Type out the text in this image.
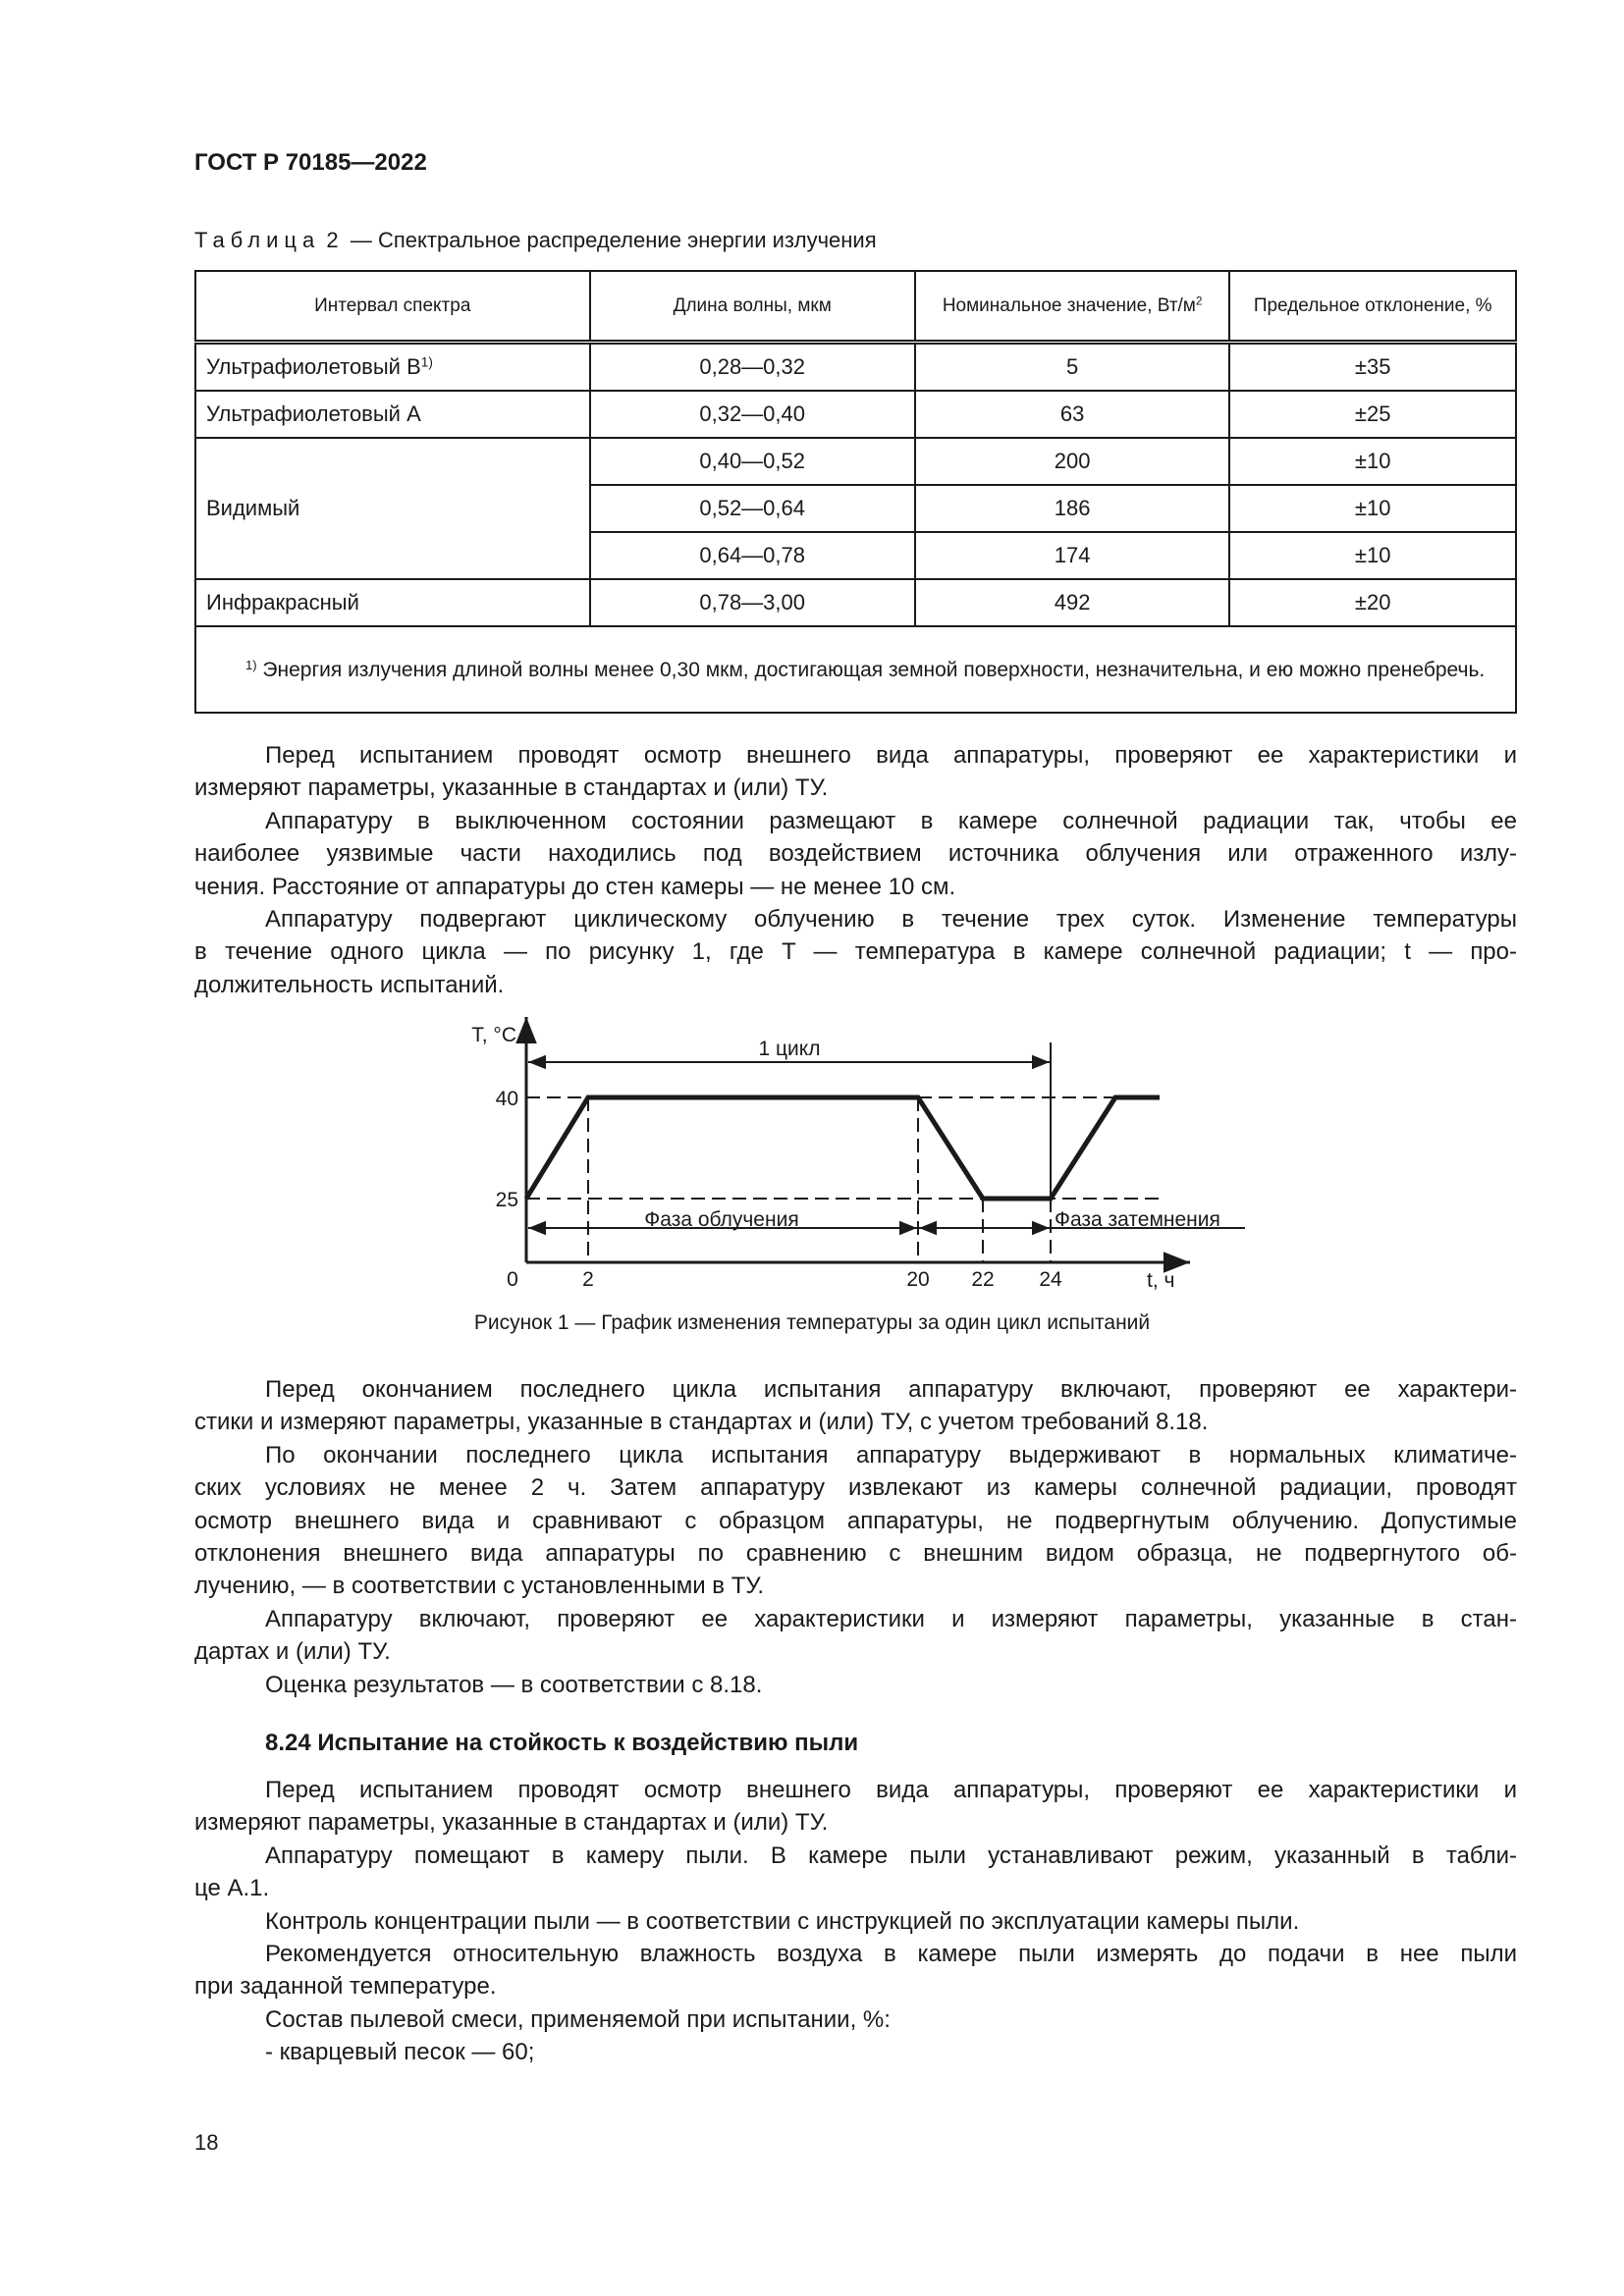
ГОСТ Р 70185—2022
Таблица 2 — Спектральное распределение энергии излучения
Интервал спектра	Длина волны, мкм	Номинальное значение, $Вт/м^2$	Предельное отклонение, %
Ультрафиолетовый $В^{1)}$	0,28—0,32	5	±35
Ультрафиолетовый А	0,32—0,40	63	±25
Видимый	0,40—0,52	200	±10
	0,52—0,64	186	±10
	0,64—0,78	174	±10
Инфракрасный	0,78—3,00	492	±20
$^{1)}$ Энергия излучения длиной волны менее 0,30 мкм, достигающая земной поверхности, незначительна, и ею можно пренебречь.			
Перед испытанием проводят осмотр внешнего вида аппаратуры, проверяют ее характеристики и
измеряют параметры, указанные в стандартах и (или) ТУ.
Аппаратуру в выключенном состоянии размещают в камере солнечной радиации так, чтобы ее
наиболее уязвимые части находились под воздействием источника облучения или отраженного излу-
чения. Расстояние от аппаратуры до стен камеры — не менее 10 см.
Аппаратуру подвергают циклическому облучению в течение трех суток. Изменение температуры
в течение одного цикла — по рисунку 1, где T — температура в камере солнечной радиации; t — про-
должительность испытаний.
T, °C
t, ч
0
25
40
2	20 22 24
1 цикл
Фаза облучения	Фаза затемнения
Рисунок 1 — График изменения температуры за один цикл испытаний
Перед окончанием последнего цикла испытания аппаратуру включают, проверяют ее характери-
стики и измеряют параметры, указанные в стандартах и (или) ТУ, с учетом требований 8.18.
По окончании последнего цикла испытания аппаратуру выдерживают в нормальных климатиче-
ских условиях не менее 2 ч. Затем аппаратуру извлекают из камеры солнечной радиации, проводят
осмотр внешнего вида и сравнивают с образцом аппаратуры, не подвергнутым облучению. Допустимые
отклонения внешнего вида аппаратуры по сравнению с внешним видом образца, не подвергнутого об-
лучению, — в соответствии с установленными в ТУ.
Аппаратуру включают, проверяют ее характеристики и измеряют параметры, указанные в стан-
дартах и (или) ТУ.
Оценка результатов — в соответствии с 8.18.
8.24 Испытание на стойкость к воздействию пыли
Перед испытанием проводят осмотр внешнего вида аппаратуры, проверяют ее характеристики и
измеряют параметры, указанные в стандартах и (или) ТУ.
Аппаратуру помещают в камеру пыли. В камере пыли устанавливают режим, указанный в табли-
це А.1.
Контроль концентрации пыли — в соответствии с инструкцией по эксплуатации камеры пыли.
Рекомендуется относительную влажность воздуха в камере пыли измерять до подачи в нее пыли
при заданной температуре.
Состав пылевой смеси, применяемой при испытании, %:
- кварцевый песок — 60;
18
